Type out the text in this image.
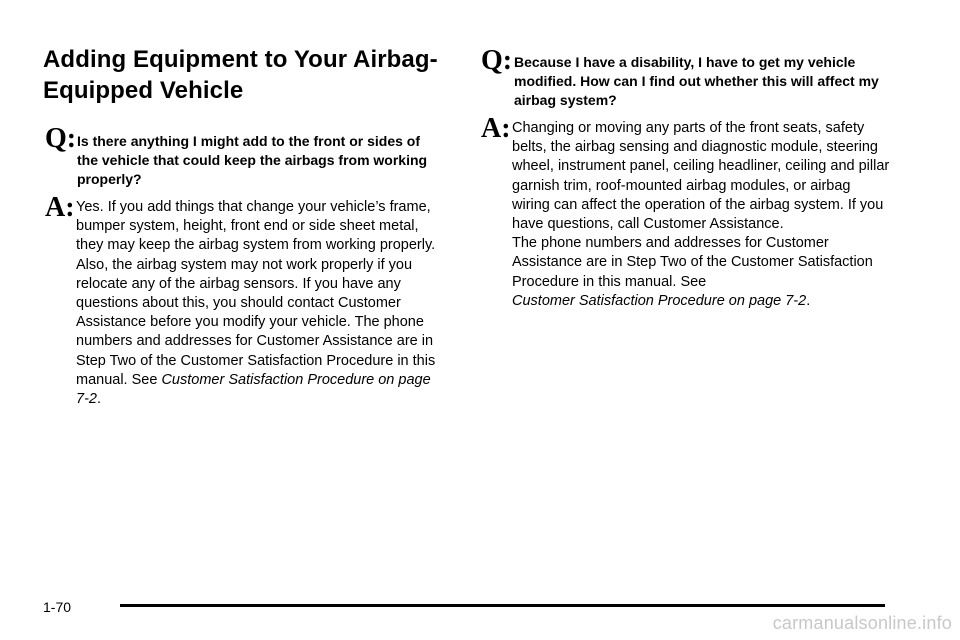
Adding Equipment to Your Airbag-Equipped Vehicle
Q: Is there anything I might add to the front or sides of the vehicle that could keep the airbags from working properly?
A: Yes. If you add things that change your vehicle’s frame, bumper system, height, front end or side sheet metal, they may keep the airbag system from working properly. Also, the airbag system may not work properly if you relocate any of the airbag sensors. If you have any questions about this, you should contact Customer Assistance before you modify your vehicle. The phone numbers and addresses for Customer Assistance are in Step Two of the Customer Satisfaction Procedure in this manual. See Customer Satisfaction Procedure on page 7-2.
Q: Because I have a disability, I have to get my vehicle modified. How can I find out whether this will affect my airbag system?
A: Changing or moving any parts of the front seats, safety belts, the airbag sensing and diagnostic module, steering wheel, instrument panel, ceiling headliner, ceiling and pillar garnish trim, roof-mounted airbag modules, or airbag wiring can affect the operation of the airbag system. If you have questions, call Customer Assistance.
The phone numbers and addresses for Customer Assistance are in Step Two of the Customer Satisfaction Procedure in this manual. See
Customer Satisfaction Procedure on page 7-2.
1-70
carmanualsonline.info
